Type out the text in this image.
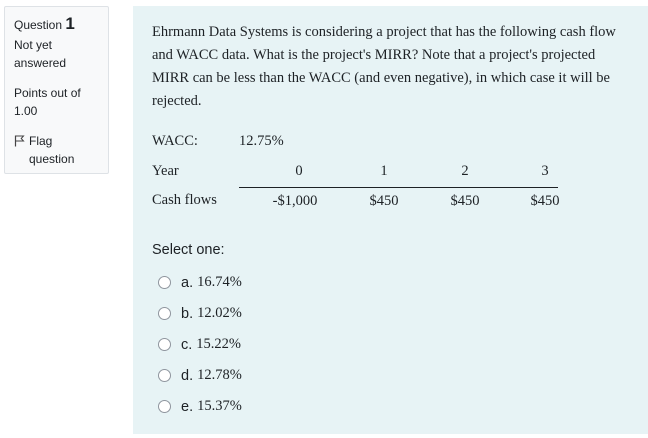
Question 1
Not yet
answered
Points out of
1.00
Flag
question
Ehrmann Data Systems is considering a project that has the following cash flow and WACC data. What is the project's MIRR? Note that a project's projected MIRR can be less than the WACC (and even negative), in which case it will be rejected.
WACC:	12.75%
Year	0	1	2	3
Cash flows	-$1,000	$450	$450	$450
Select one:
a. 16.74%
b. 12.02%
c. 15.22%
d. 12.78%
e. 15.37%
